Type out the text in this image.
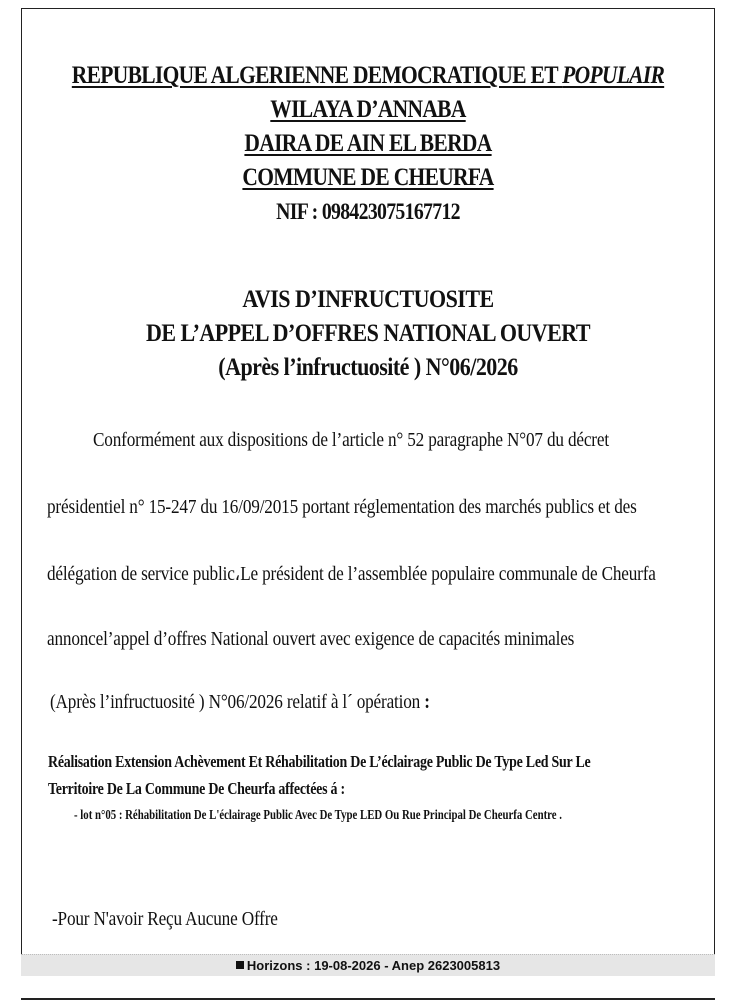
REPUBLIQUE ALGERIENNE DEMOCRATIQUE ET POPULAIR
WILAYA D’ANNABA
DAIRA DE AIN EL BERDA
COMMUNE DE CHEURFA
NIF : 098423075167712
AVIS D’INFRUCTUOSITE
DE L’APPEL D’OFFRES NATIONAL OUVERT
(Après l’infructuosité ) N°06/2026
Conformément aux dispositions de l’article n° 52 paragraphe N°07 du décret
présidentiel n° 15-247 du 16/09/2015 portant réglementation des marchés publics et des
délégation de service public،Le président de l’assemblée populaire communale de Cheurfa
annoncel’appel d’offres National ouvert avec exigence de capacités minimales
(Après l’infructuosité ) N°06/2026 relatif à l´ opération :
Réalisation Extension Achèvement Et Réhabilitation De L’éclairage Public De Type Led Sur Le
Territoire De La Commune De Cheurfa affectées á :
- lot n°05 : Réhabilitation De L'éclairage Public Avec De Type LED Ou Rue Principal De Cheurfa Centre .
-Pour N'avoir Reçu Aucune Offre
Horizons : 19-08-2026 - Anep 2623005813
